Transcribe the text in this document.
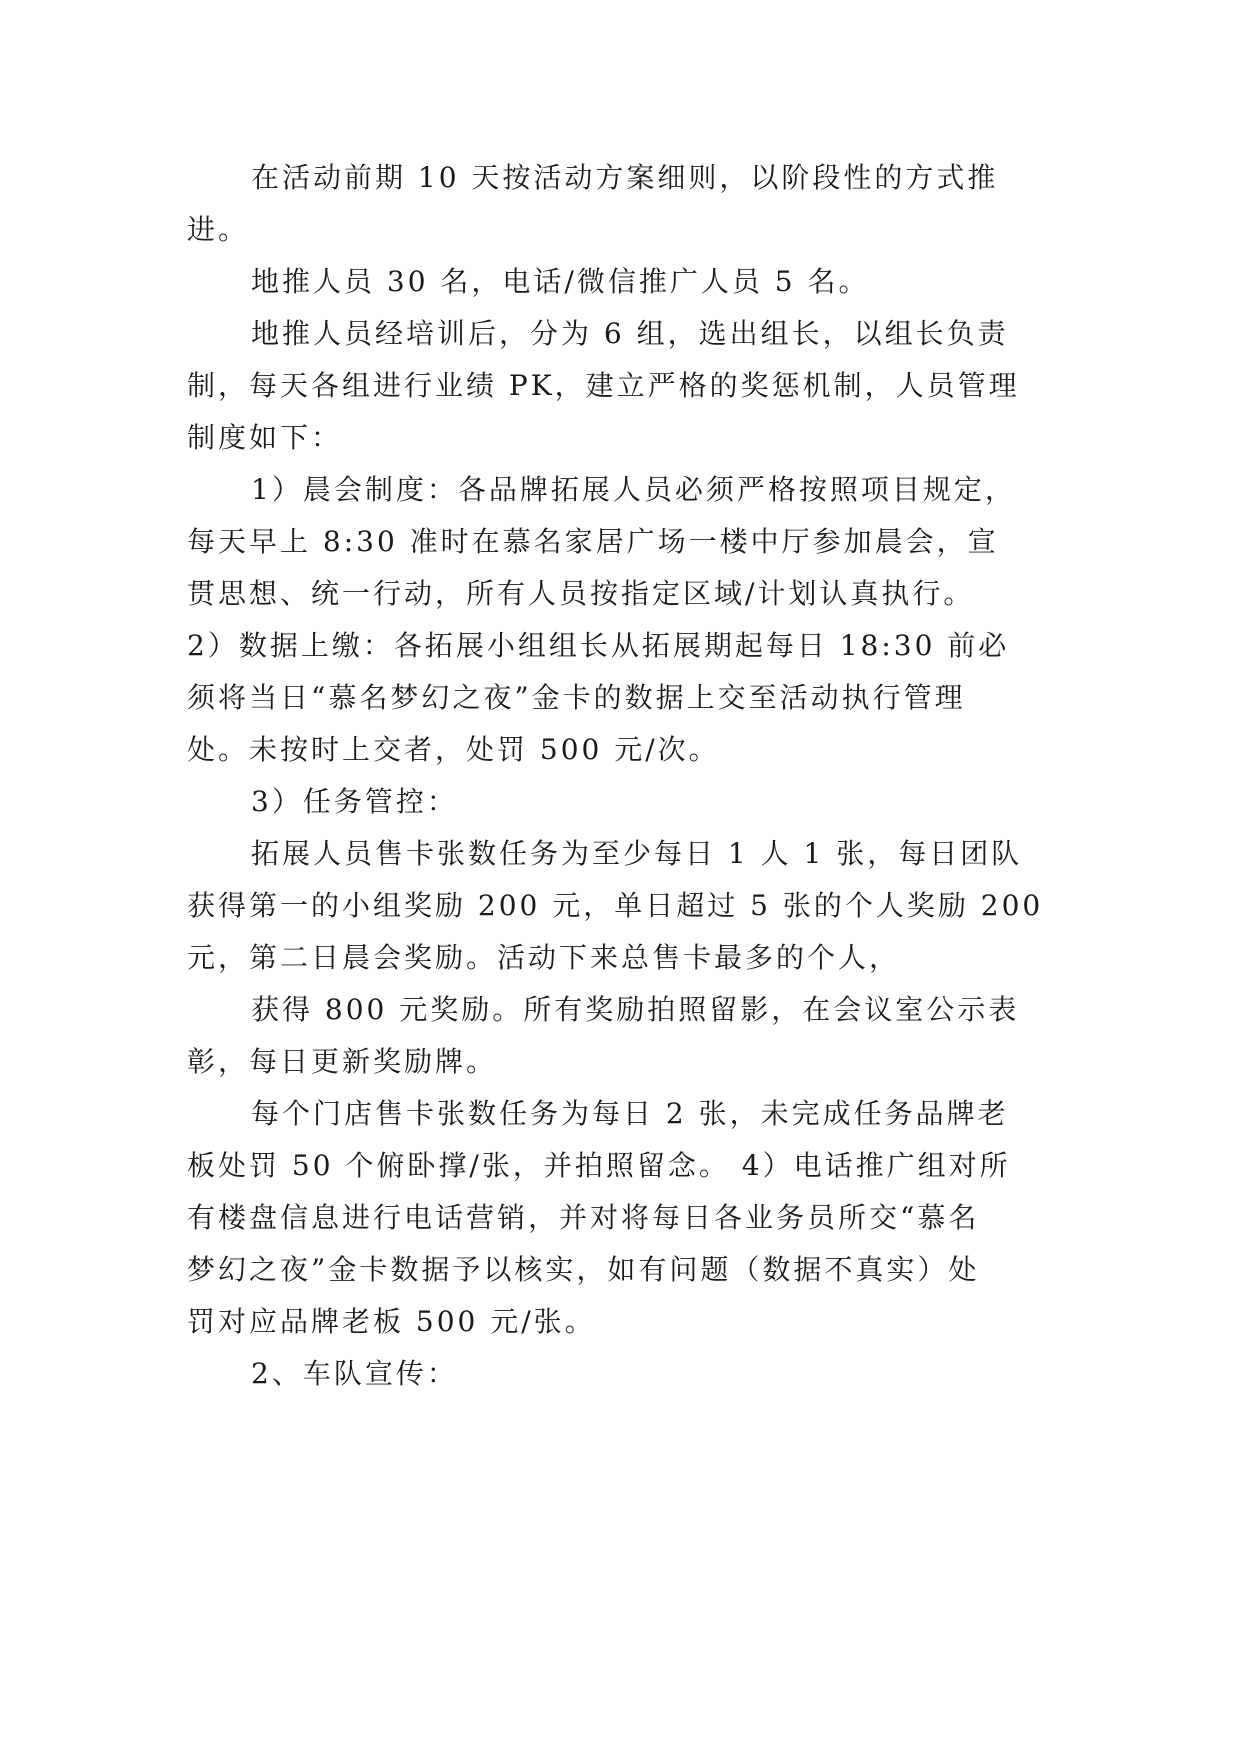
在活动前期 10 天按活动方案细则，以阶段性的方式推
进。
地推人员 30 名，电话/微信推广人员 5 名。
地推人员经培训后，分为 6 组，选出组长，以组长负责
制，每天各组进行业绩 PK，建立严格的奖惩机制，人员管理
制度如下：
1）晨会制度：各品牌拓展人员必须严格按照项目规定，
每天早上 8:30 准时在慕名家居广场一楼中厅参加晨会，宣
贯思想、统一行动，所有人员按指定区域/计划认真执行。
2）数据上缴：各拓展小组组长从拓展期起每日 18:30 前必
须将当日“慕名梦幻之夜”金卡的数据上交至活动执行管理
处。未按时上交者，处罚 500 元/次。
3）任务管控：
拓展人员售卡张数任务为至少每日 1 人 1 张，每日团队
获得第一的小组奖励 200 元，单日超过 5 张的个人奖励 200
元，第二日晨会奖励。活动下来总售卡最多的个人，
获得 800 元奖励。所有奖励拍照留影，在会议室公示表
彰，每日更新奖励牌。
每个门店售卡张数任务为每日 2 张，未完成任务品牌老
板处罚 50 个俯卧撑/张，并拍照留念。 4）电话推广组对所
有楼盘信息进行电话营销，并对将每日各业务员所交“慕名
梦幻之夜”金卡数据予以核实，如有问题（数据不真实）处
罚对应品牌老板 500 元/张。
2、车队宣传：
